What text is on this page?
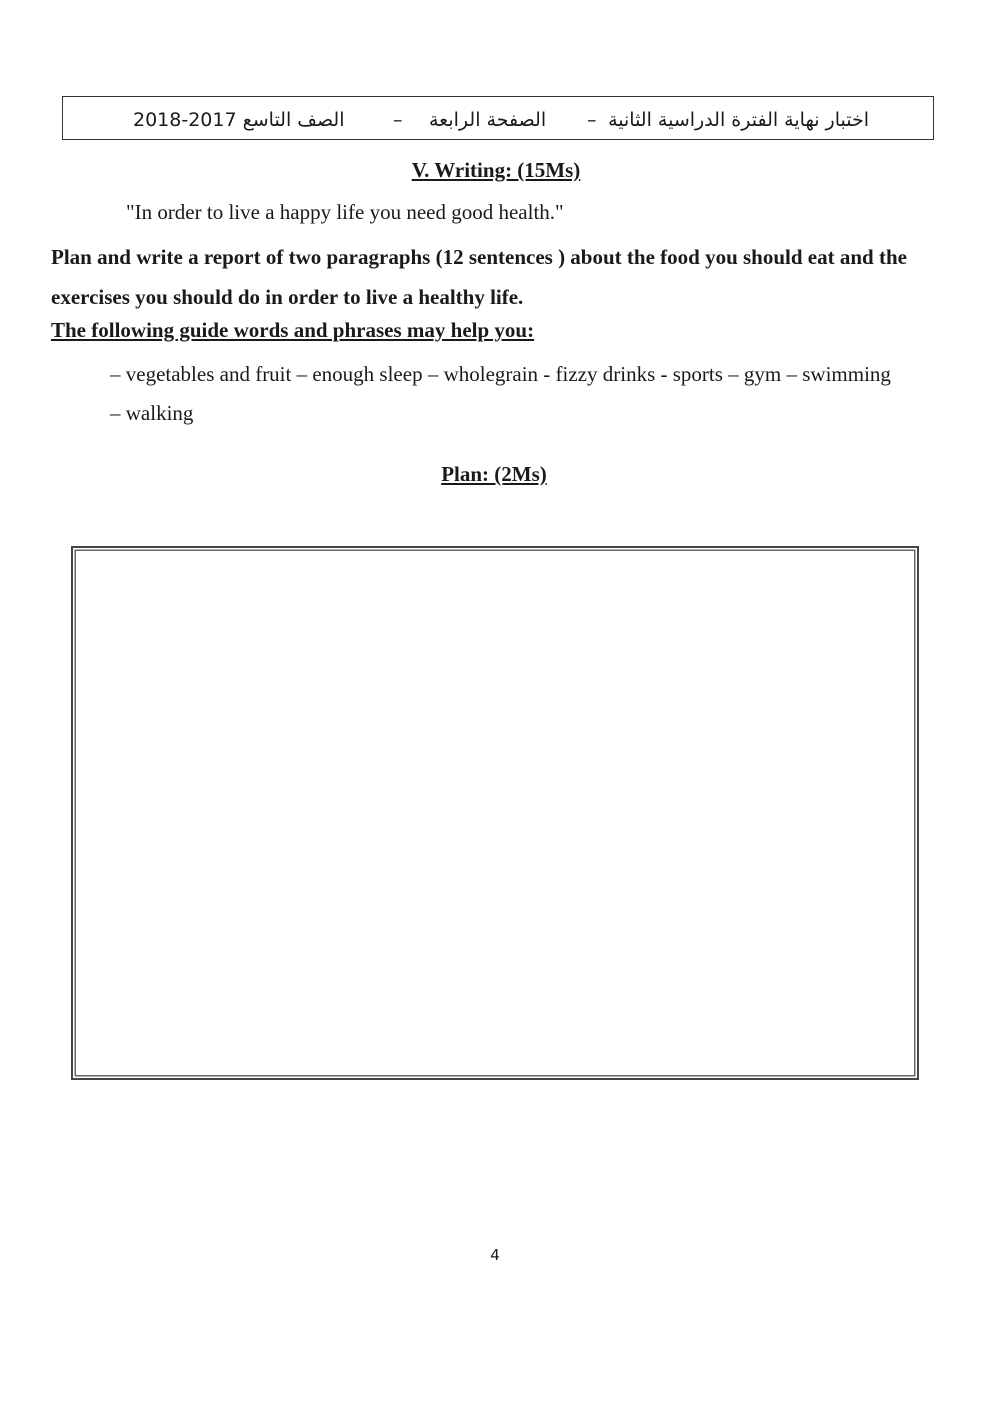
الصف التاسع 2017-2018	– الصفحة الرابعة – اختبار نهاية الفترة الدراسية الثانية
V. Writing: (15Ms)
"In order to live a happy life you need good health."

Plan and write a report of two paragraphs (12 sentences ) about the food you should eat and the exercises you should do in order to live a healthy life.

The following guide words and phrases may help you:

– vegetables and fruit – enough sleep – wholegrain - fizzy drinks - sports – gym – swimming – walking

Plan: (2Ms)
4
